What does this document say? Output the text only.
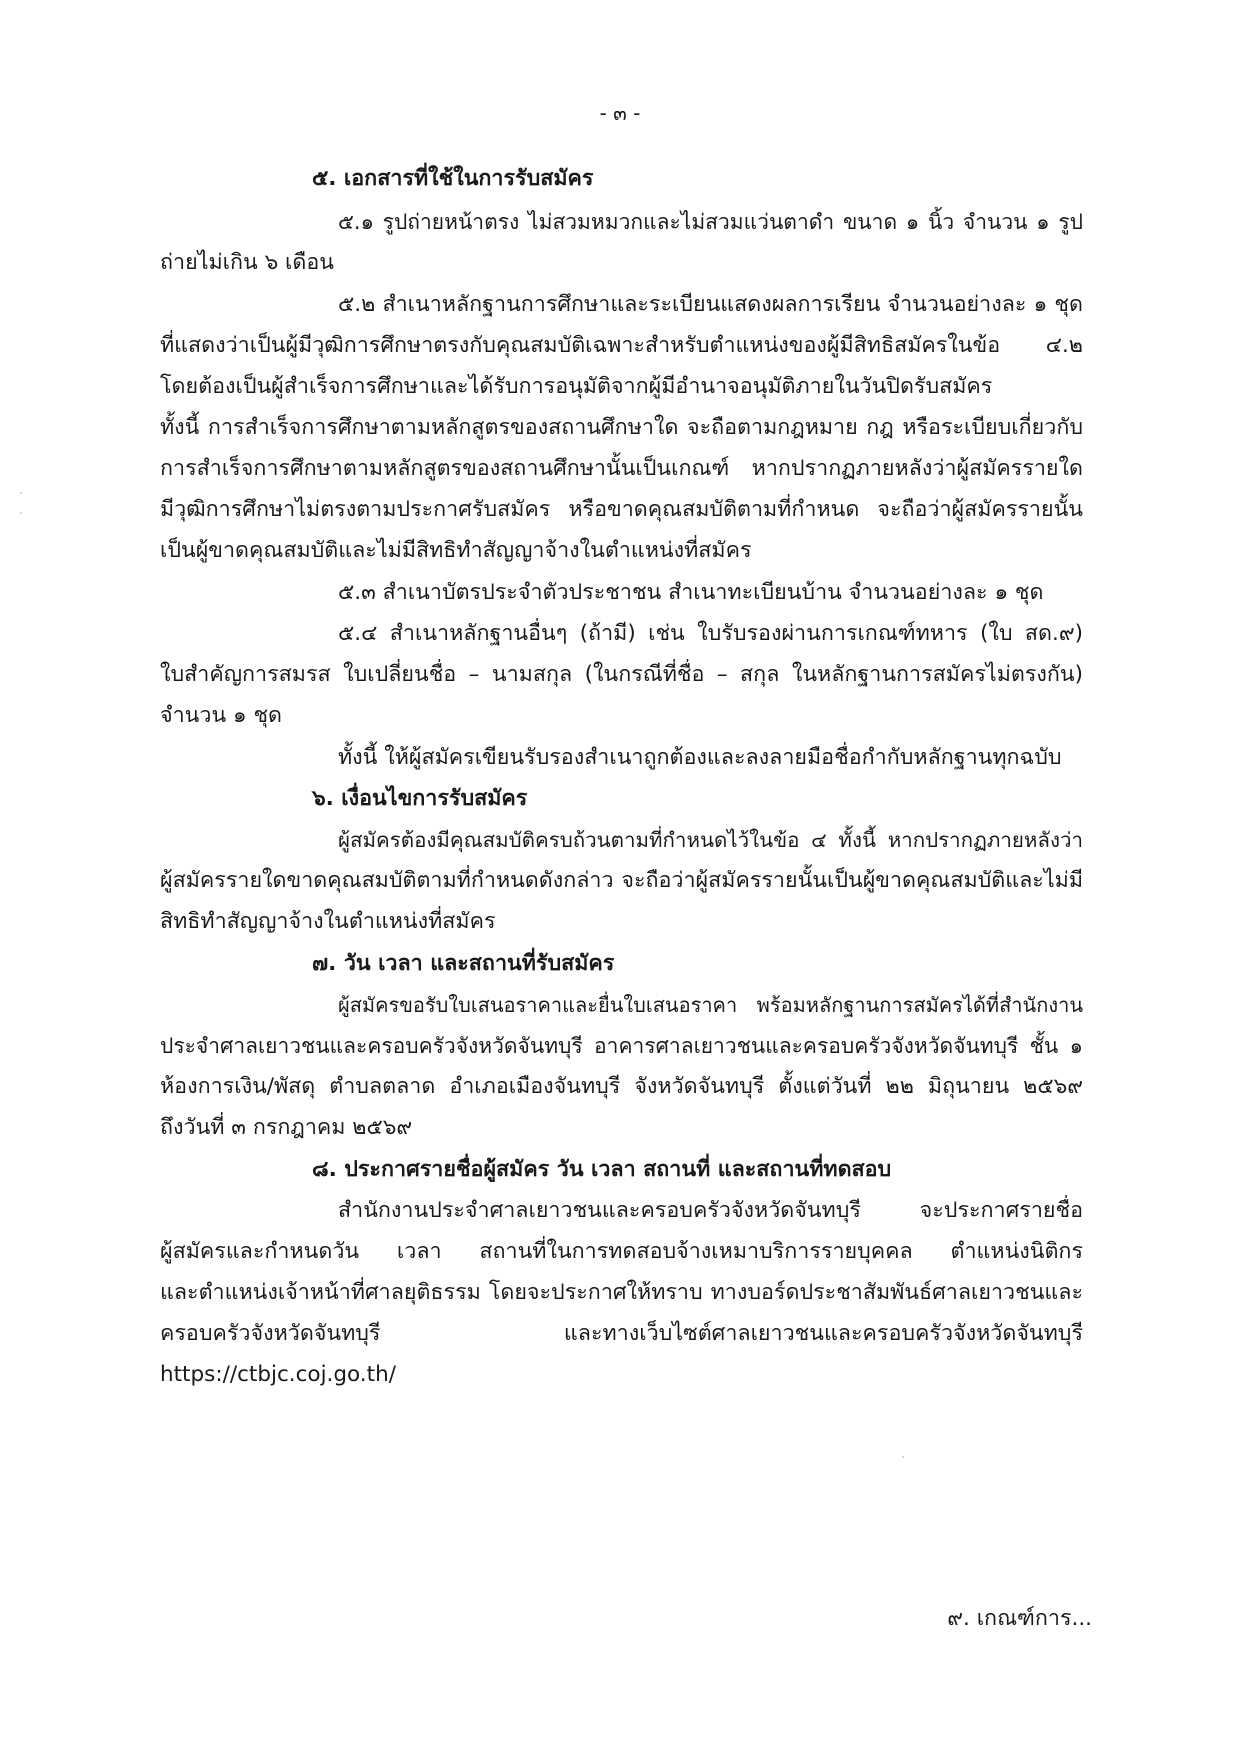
- ๓ -
๕. เอกสารที่ใช้ในการรับสมัคร
๕.๑ รูปถ่ายหน้าตรง ไม่สวมหมวกและไม่สวมแว่นตาดำ ขนาด ๑ นิ้ว จำนวน ๑ รูป
ถ่ายไม่เกิน ๖ เดือน
๕.๒ สำเนาหลักฐานการศึกษาและระเบียนแสดงผลการเรียน จำนวนอย่างละ ๑ ชุด
ที่แสดงว่าเป็นผู้มีวุฒิการศึกษาตรงกับคุณสมบัติเฉพาะสำหรับตำแหน่งของผู้มีสิทธิสมัครในข้อ ๔.๒
โดยต้องเป็นผู้สำเร็จการศึกษาและได้รับการอนุมัติจากผู้มีอำนาจอนุมัติภายในวันปิดรับสมัคร
ทั้งนี้ การสำเร็จการศึกษาตามหลักสูตรของสถานศึกษาใด จะถือตามกฎหมาย กฎ หรือระเบียบเกี่ยวกับ
การสำเร็จการศึกษาตามหลักสูตรของสถานศึกษานั้นเป็นเกณฑ์ หากปรากฏภายหลังว่าผู้สมัครรายใด
มีวุฒิการศึกษาไม่ตรงตามประกาศรับสมัคร หรือขาดคุณสมบัติตามที่กำหนด จะถือว่าผู้สมัครรายนั้น
เป็นผู้ขาดคุณสมบัติและไม่มีสิทธิทำสัญญาจ้างในตำแหน่งที่สมัคร
๕.๓ สำเนาบัตรประจำตัวประชาชน สำเนาทะเบียนบ้าน จำนวนอย่างละ ๑ ชุด
๕.๔ สำเนาหลักฐานอื่นๆ (ถ้ามี) เช่น ใบรับรองผ่านการเกณฑ์ทหาร (ใบ สด.๙)
ใบสำคัญการสมรส ใบเปลี่ยนชื่อ – นามสกุล (ในกรณีที่ชื่อ – สกุล ในหลักฐานการสมัครไม่ตรงกัน)
จำนวน ๑ ชุด
ทั้งนี้ ให้ผู้สมัครเขียนรับรองสำเนาถูกต้องและลงลายมือชื่อกำกับหลักฐานทุกฉบับ
๖. เงื่อนไขการรับสมัคร
ผู้สมัครต้องมีคุณสมบัติครบถ้วนตามที่กำหนดไว้ในข้อ ๔ ทั้งนี้ หากปรากฏภายหลังว่า
ผู้สมัครรายใดขาดคุณสมบัติตามที่กำหนดดังกล่าว จะถือว่าผู้สมัครรายนั้นเป็นผู้ขาดคุณสมบัติและไม่มี
สิทธิทำสัญญาจ้างในตำแหน่งที่สมัคร
๗. วัน เวลา และสถานที่รับสมัคร
ผู้สมัครขอรับใบเสนอราคาและยื่นใบเสนอราคา พร้อมหลักฐานการสมัครได้ที่สำนักงาน
ประจำศาลเยาวชนและครอบครัวจังหวัดจันทบุรี อาคารศาลเยาวชนและครอบครัวจังหวัดจันทบุรี ชั้น ๑
ห้องการเงิน/พัสดุ ตำบลตลาด อำเภอเมืองจันทบุรี จังหวัดจันทบุรี ตั้งแต่วันที่ ๒๒ มิถุนายน ๒๕๖๙
ถึงวันที่ ๓ กรกฎาคม ๒๕๖๙
๘. ประกาศรายชื่อผู้สมัคร วัน เวลา สถานที่ และสถานที่ทดสอบ
สำนักงานประจำศาลเยาวชนและครอบครัวจังหวัดจันทบุรี จะประกาศรายชื่อ
ผู้สมัครและกำหนดวัน เวลา สถานที่ในการทดสอบจ้างเหมาบริการรายบุคคล ตำแหน่งนิติกร
และตำแหน่งเจ้าหน้าที่ศาลยุติธรรม โดยจะประกาศให้ทราบ ทางบอร์ดประชาสัมพันธ์ศาลเยาวชนและ
ครอบครัวจังหวัดจันทบุรี และทางเว็บไซต์ศาลเยาวชนและครอบครัวจังหวัดจันทบุรี
https://ctbjc.coj.go.th/
๙. เกณฑ์การ...
